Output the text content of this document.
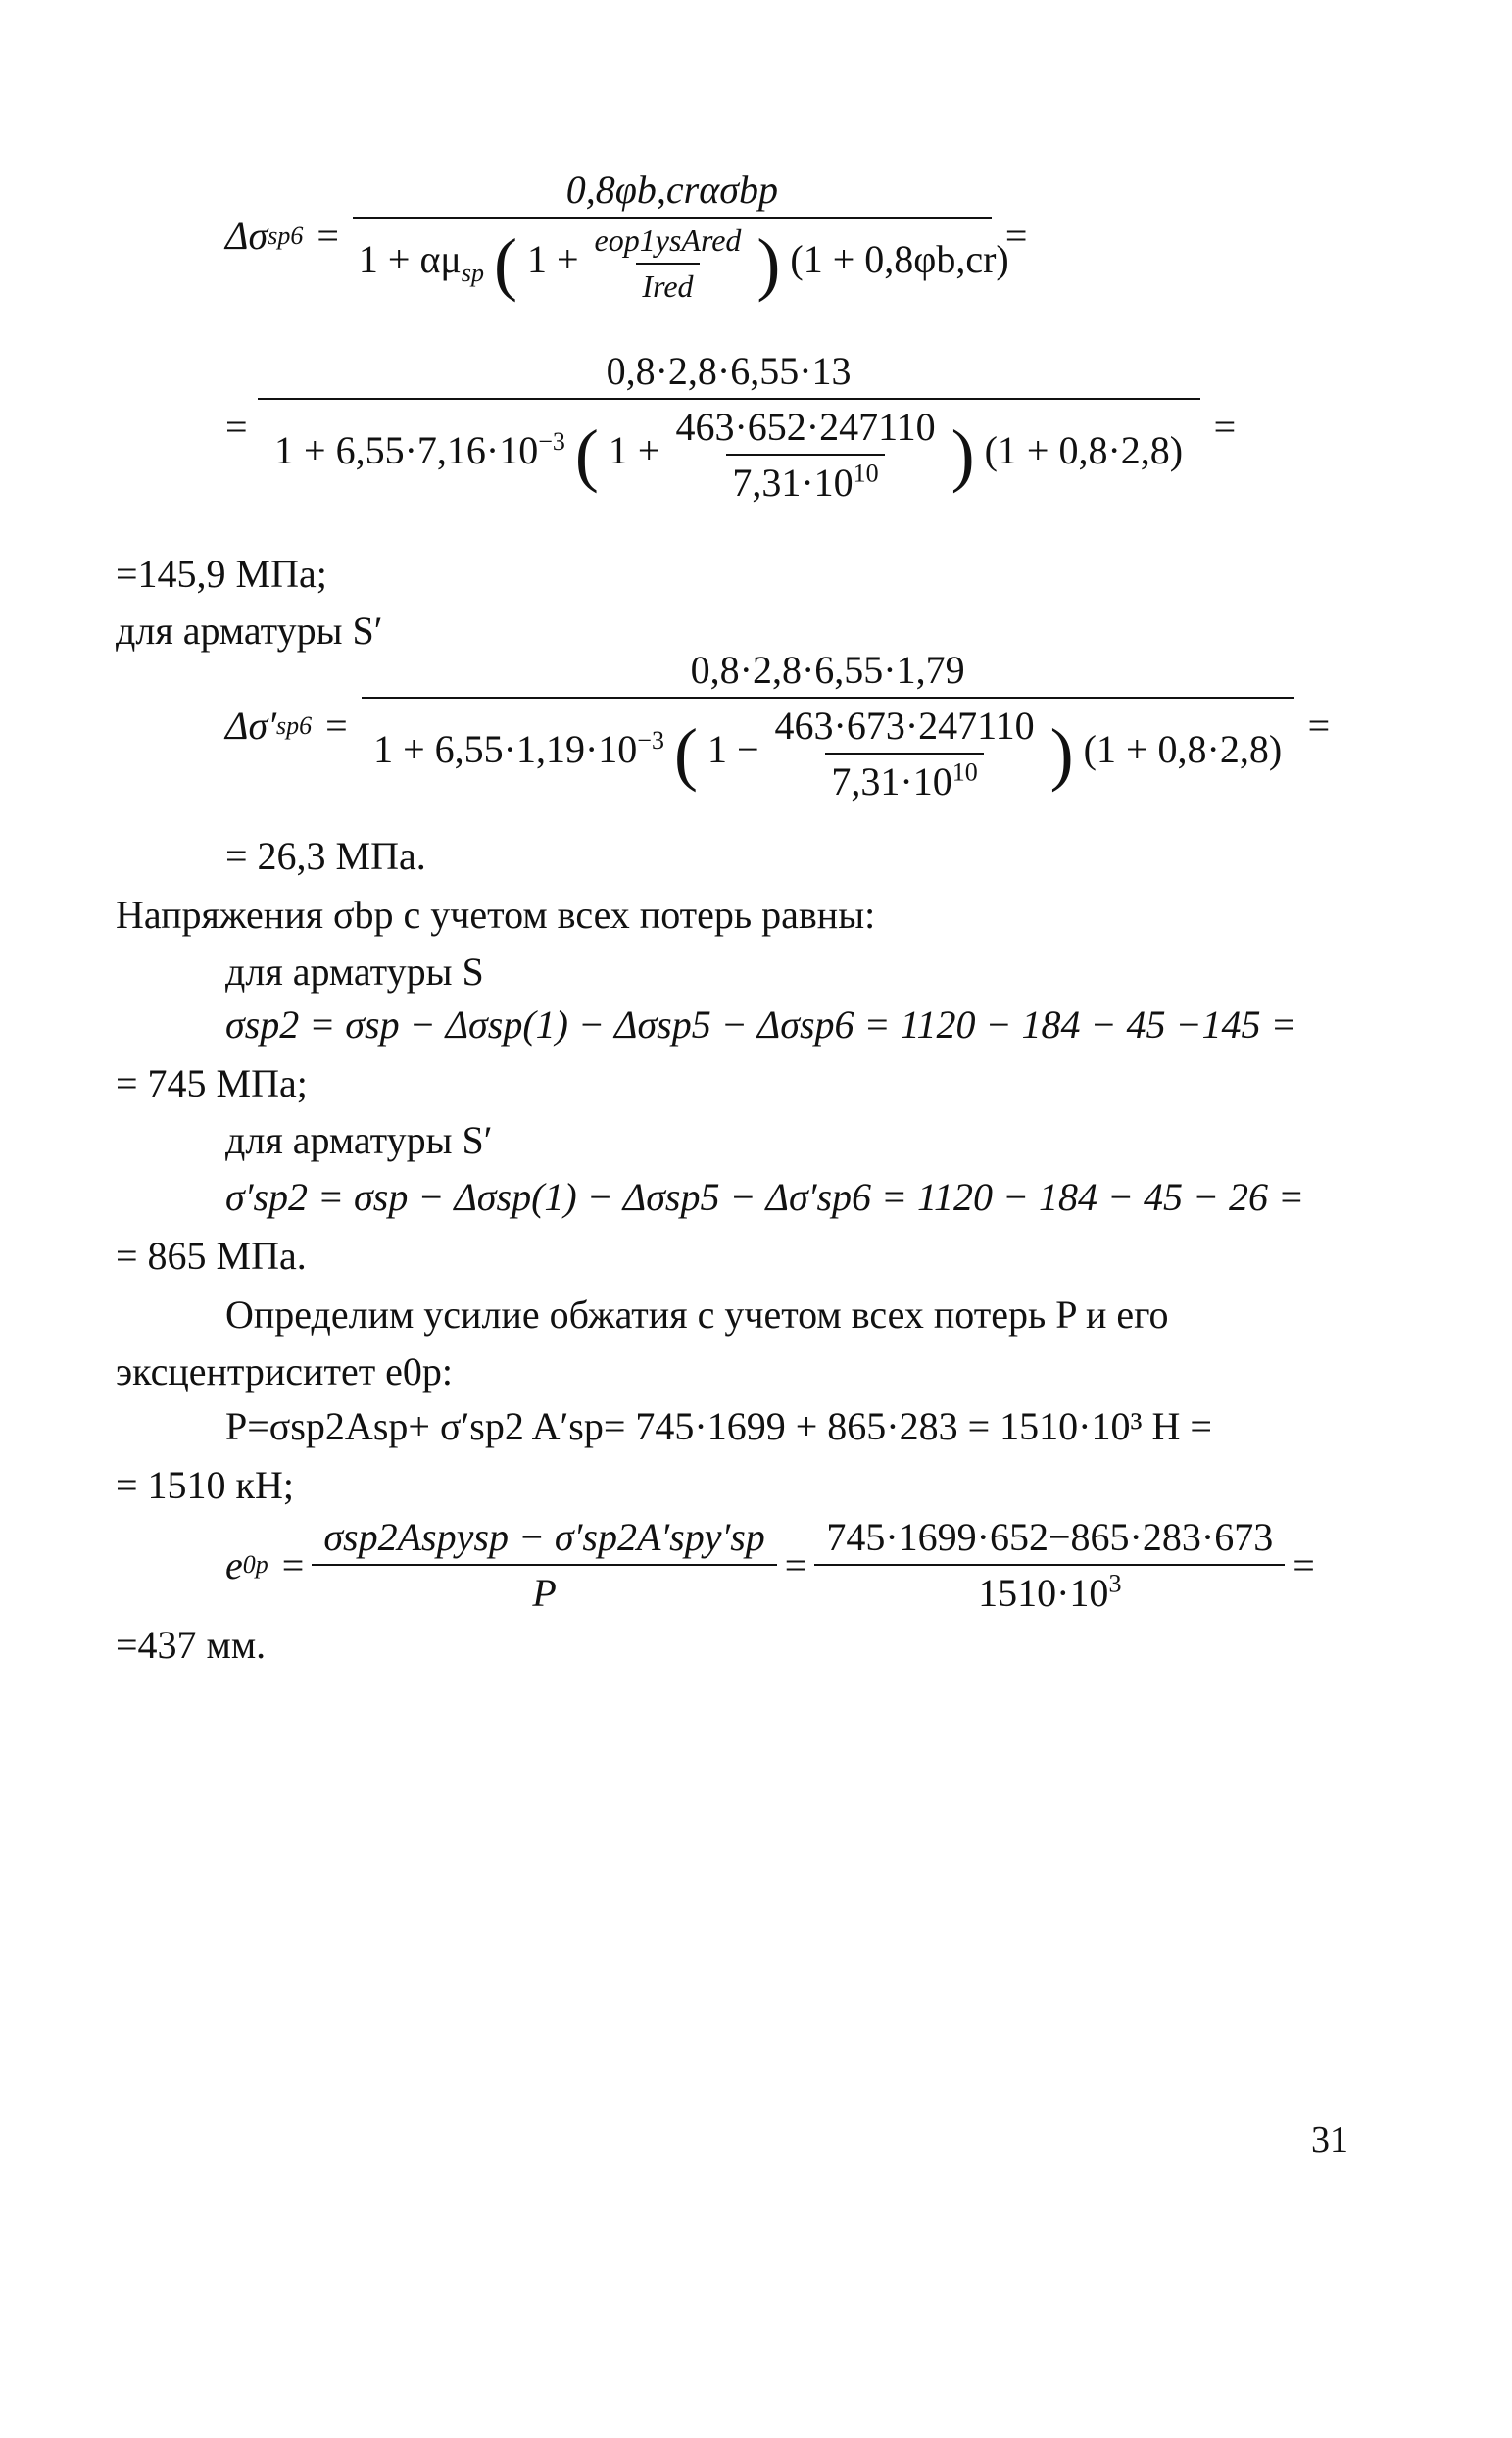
Δσ sp6 =
0,8φb,crασbp
$1 + \alpha\mu_{sp}$ ( $1 + \frac{\text{eop1ysAred}}{\text{Ired}}$ ) (1 + 0,8φb,cr)
=
=
0,8·2,8·6,55·13
$1 + 6,55\cdot 7,16\cdot 10^{-3}$ ( $1 + \frac{463\cdot 652\cdot 247110}{7,31\cdot 10^{10}}$ ) (1 + 0,8·2,8)
=
=145,9 МПа;
для арматуры S′
Δσ′ sp6 =
0,8·2,8·6,55·1,79
$1 + 6,55\cdot 1,19\cdot 10^{-3}$ ( $1 - \frac{463\cdot 673\cdot 247110}{7,31\cdot 10^{10}}$ ) (1 + 0,8·2,8)
=
= 26,3 МПа.
Напряжения σbp с учетом всех потерь равны:
для арматуры S
σsp2 = σsp − Δσsp(1) − Δσsp5 − Δσsp6 = 1120 − 184 − 45 −145 =
= 745 МПа;
для арматуры S′
σ′sp2 = σsp − Δσsp(1) − Δσsp5 − Δσ′sp6 = 1120 − 184 − 45 − 26 =
= 865 МПа.
Определим усилие обжатия с учетом всех потерь P и его
эксцентриситет e0p:
P=σsp2Asp+ σ′sp2 A′sp= 745·1699 + 865·283 = 1510·10³ Н =
= 1510 кН;
e $0p = \frac{\text{σsp2Aspysp − σ′sp2A′spy′sp}}{P} = \frac{745\cdot 1699\cdot 652-865\cdot 283\cdot 673}{1510\cdot 10^3}$ =
=437 мм.
31
